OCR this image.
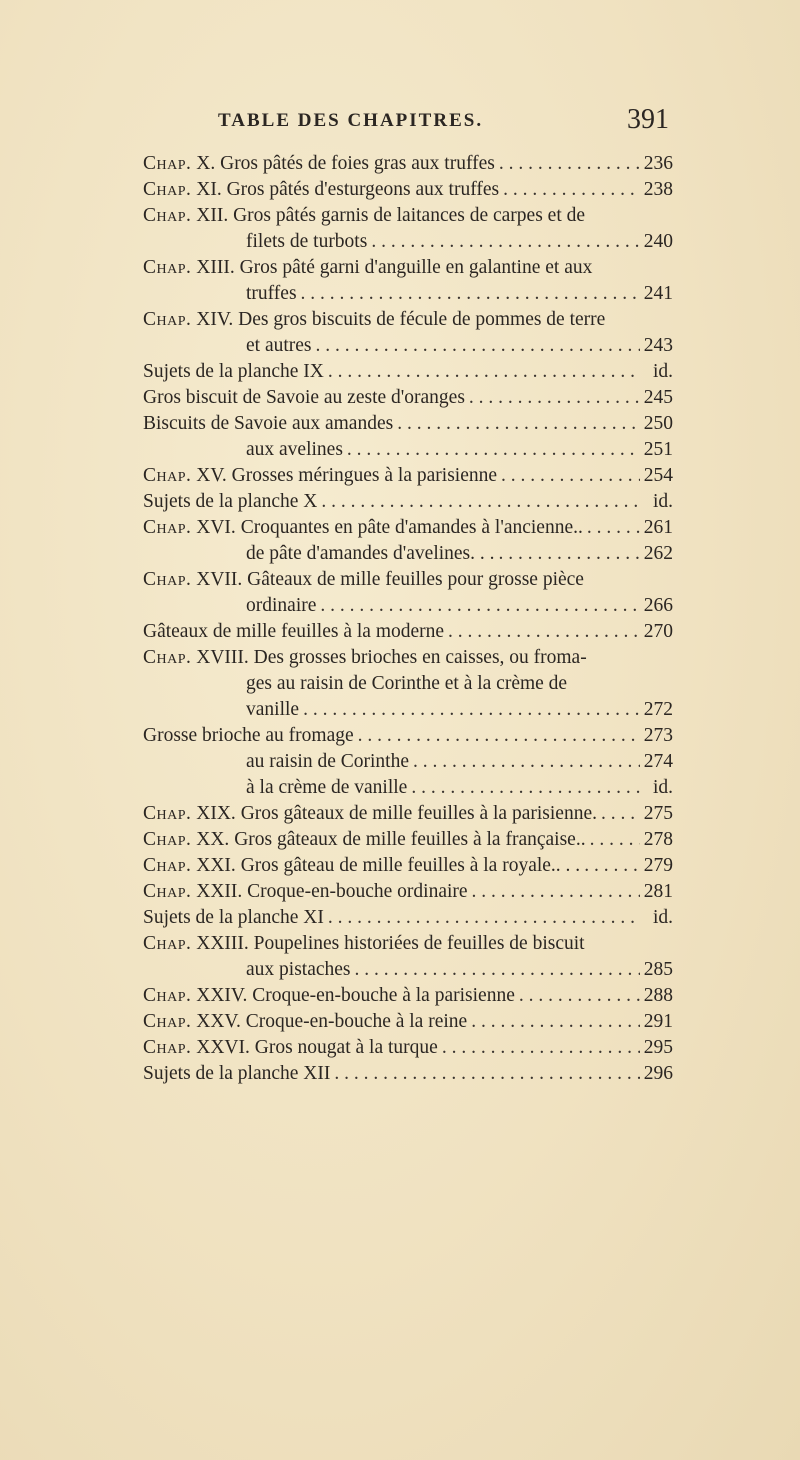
TABLE DES CHAPITRES.	391
Chap. X. Gros pâtés de foies gras aux truffes . . .	236
Chap. XI. Gros pâtés d'esturgeons aux truffes . . .	238
Chap. XII. Gros pâtés garnis de laitances de carpes et de
filets de turbots . . .	240
Chap. XIII. Gros pâté garni d'anguille en galantine et aux
truffes . . .	241
Chap. XIV. Des gros biscuits de fécule de pommes de terre
et autres . . .	243
Sujets de la planche IX . . .	id.
Gros biscuit de Savoie au zeste d'oranges . . .	245
Biscuits de Savoie aux amandes . . .	250
aux avelines . . .	251
Chap. XV. Grosses méringues à la parisienne . . .	254
Sujets de la planche X . . .	id.
Chap. XVI. Croquantes en pâte d'amandes à l'ancienne.. . . .	261
de pâte d'amandes d'avelines. . . . . .	262
Chap. XVII. Gâteaux de mille feuilles pour grosse pièce
ordinaire . . .	266
Gâteaux de mille feuilles à la moderne . . .	270
Chap. XVIII. Des grosses brioches en caisses, ou froma-
ges au raisin de Corinthe et à la crème de
vanille . . .	272
Grosse brioche au fromage . . .	273
au raisin de Corinthe . . .	274
à la crème de vanille . . .	id.
Chap. XIX. Gros gâteaux de mille feuilles à la parisienne. . . . 275
Chap. XX. Gros gâteaux de mille feuilles à la française.. . . .	278
Chap. XXI. Gros gâteau de mille feuilles à la royale.. . . . . .	279
Chap. XXII. Croque-en-bouche ordinaire . . .	281
Sujets de la planche XI . . .	id.
Chap. XXIII. Poupelines historiées de feuilles de biscuit
aux pistaches . . .	285
Chap. XXIV. Croque-en-bouche à la parisienne . . .	288
Chap. XXV. Croque-en-bouche à la reine . . .	291
Chap. XXVI. Gros nougat à la turque . . .	295
Sujets de la planche XII . . .	296
